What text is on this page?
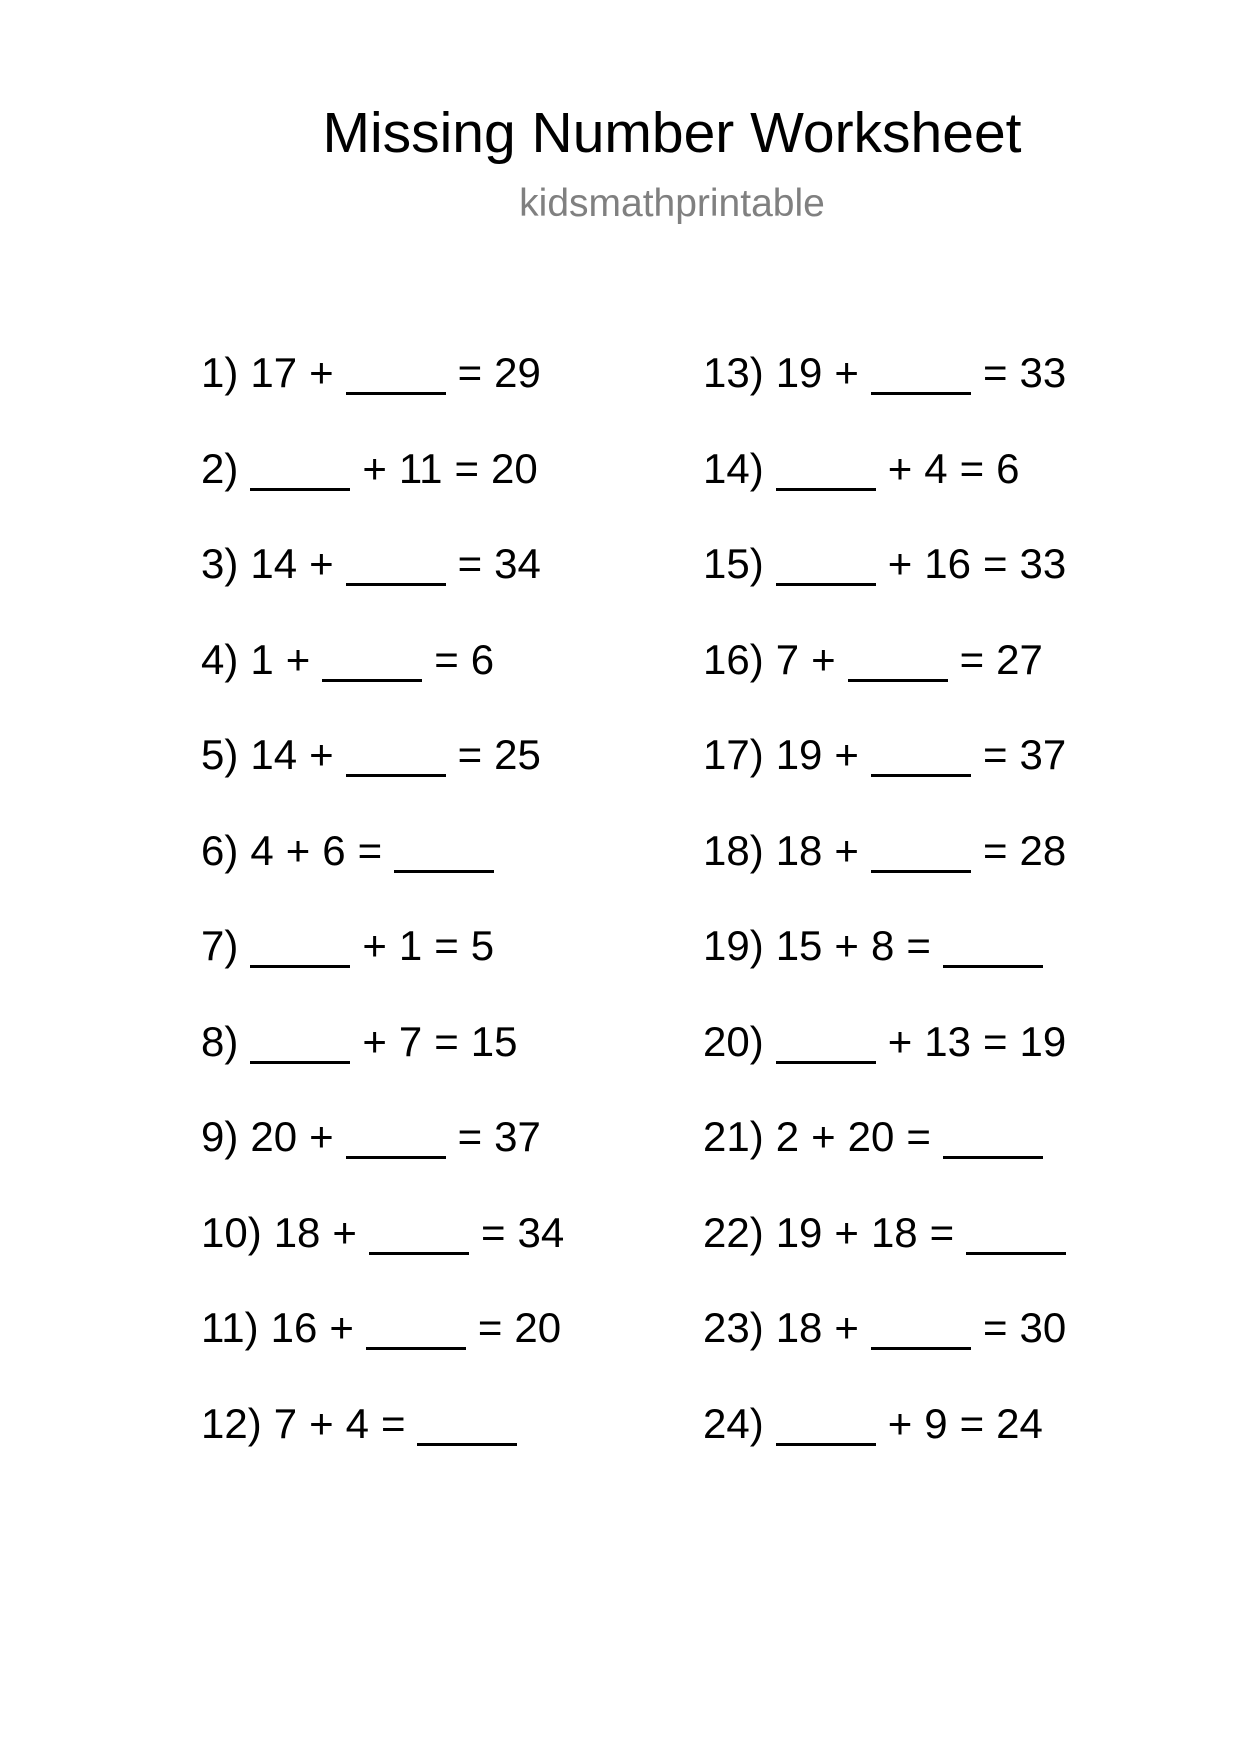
Missing Number Worksheet
kidsmathprintable
1) 17 +	= 29
2)	+ 11 = 20
3) 14 +	= 34
4) 1 +	= 6
5) 14 +	= 25
6) 4 + 6 =
7)	+ 1 = 5
8)	+ 7 = 15
9) 20 +	= 37
10) 18 +	= 34
11) 16 +	= 20
12) 7 + 4 =
13) 19 +	= 33
14)	+ 4 = 6
15)	+ 16 = 33
16) 7 +	= 27
17) 19 +	= 37
18) 18 +	= 28
19) 15 + 8 =
20)	+ 13 = 19
21) 2 + 20 =
22) 19 + 18 =
23) 18 +	= 30
24)	+ 9 = 24
